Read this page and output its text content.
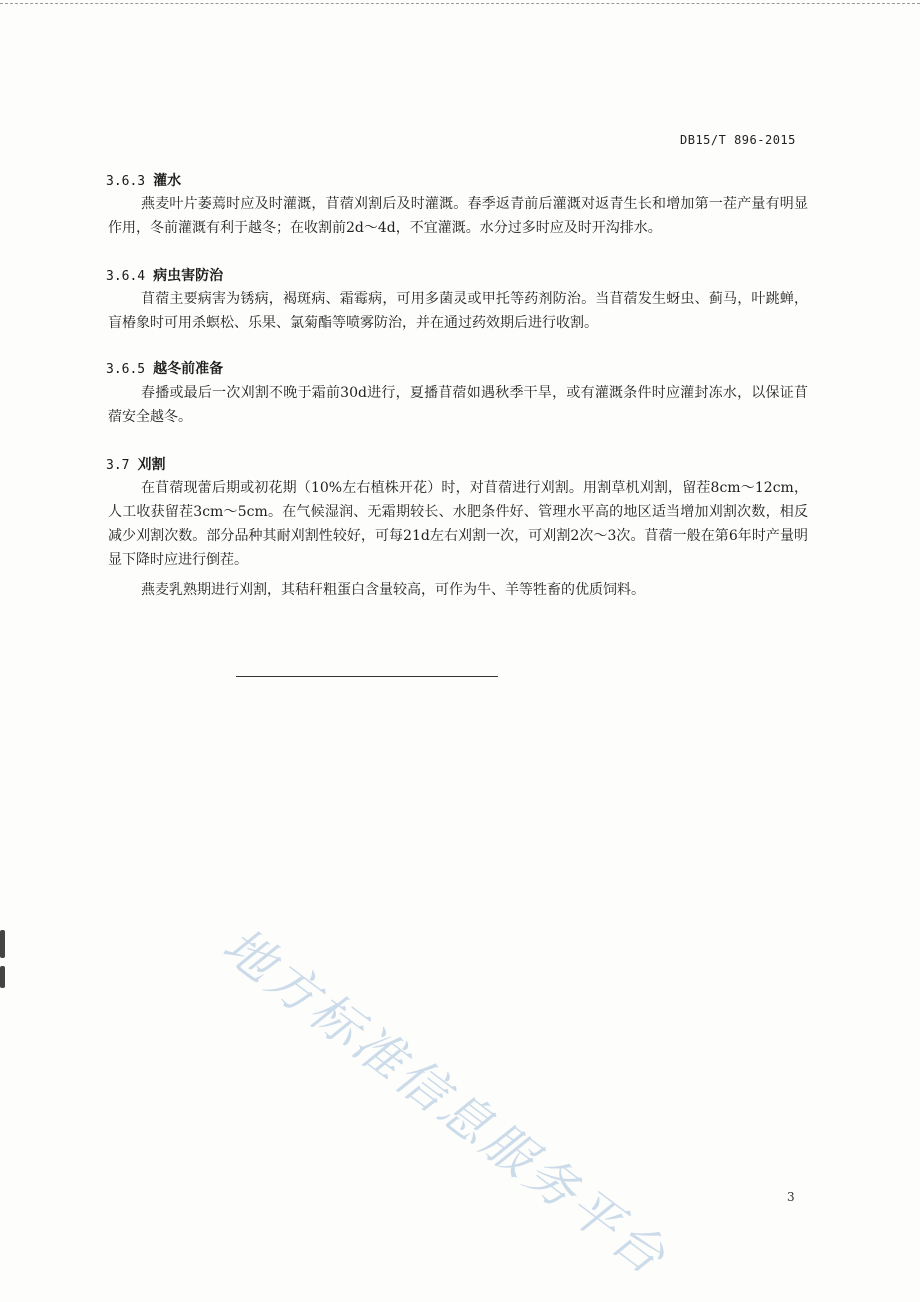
DB15/T 896-2015
3.6.3 灌水

燕麦叶片萎蔫时应及时灌溉，苜蓿刈割后及时灌溉。春季返青前后灌溉对返青生长和增加第一茬产量有明显作用，冬前灌溉有利于越冬；在收割前2d～4d，不宜灌溉。水分过多时应及时开沟排水。

3.6.4 病虫害防治

苜蓿主要病害为锈病，褐斑病、霜霉病，可用多菌灵或甲托等药剂防治。当苜蓿发生蚜虫、蓟马，叶跳蝉，盲椿象时可用杀螟松、乐果、氯菊酯等喷雾防治，并在通过药效期后进行收割。

3.6.5 越冬前准备

春播或最后一次刈割不晚于霜前30d进行，夏播苜蓿如遇秋季干旱，或有灌溉条件时应灌封冻水，以保证苜蓿安全越冬。

3.7 刈割

在苜蓿现蕾后期或初花期（10%左右植株开花）时，对苜蓿进行刈割。用割草机刈割，留茬8cm～12cm，人工收获留茬3cm～5cm。在气候湿润、无霜期较长、水肥条件好、管理水平高的地区适当增加刈割次数，相反减少刈割次数。部分品种其耐刈割性较好，可每21d左右刈割一次，可刈割2次～3次。苜蓿一般在第6年时产量明显下降时应进行倒茬。

燕麦乳熟期进行刈割，其秸秆粗蛋白含量较高，可作为牛、羊等牲畜的优质饲料。

地方标准信息服务平台	3
